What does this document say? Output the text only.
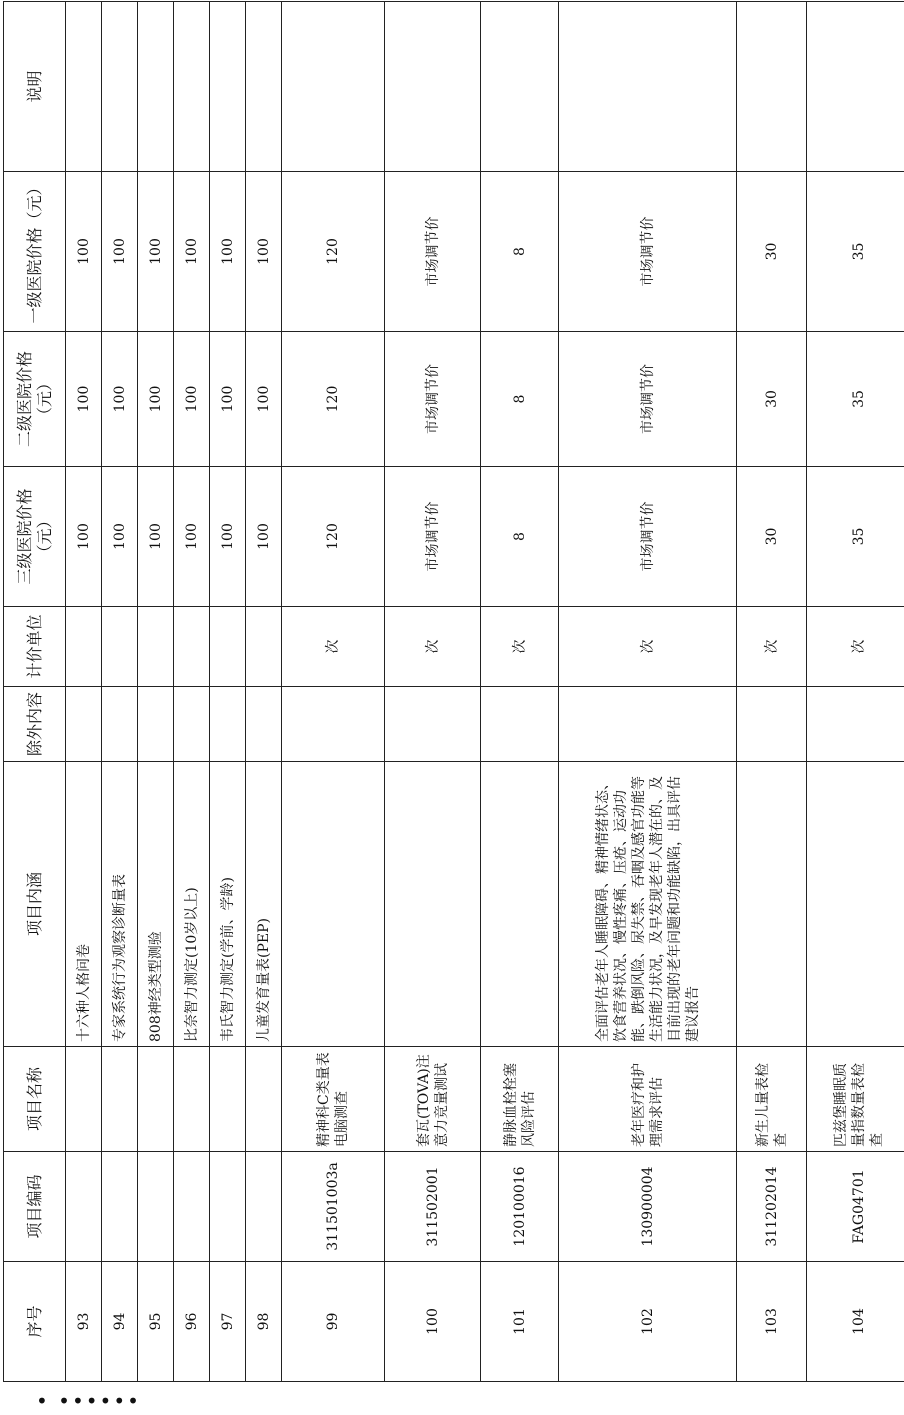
序号	项目编码	项目名称	项目内涵	除外内容	计价单位	三级医院价格（元）	二级医院价格（元）	一级医院价格（元）	说明
93			十六种人格问卷			100	100	100	
94			专家系统行为观察诊断量表			100	100	100	
95			808神经类型测验			100	100	100	
96			比奈智力测定(10岁以上)			100	100	100	
97			韦氏智力测定(学前、学龄)			100	100	100	
98			儿童发育量表(PEP)			100	100	100	
99	311501003a	精神科C类量表电脑测查			次	120	120	120	
100	311502001	套瓦(TOVA)注意力竞量测试			次	市场调节价	市场调节价	市场调节价	
101	120100016	静脉血栓栓塞风险评估			次	8	8	8	
102	130900004	老年医疗和护理需求评估	全面评估老年人睡眠障碍、精神情绪状态、饮食营养状况、慢性疼痛、压疮、运动功能、跌倒风险、尿失禁、吞咽及感官功能等生活能力状况，及早发现老年人潜在的、及目前出现的老年问题和功能缺陷，出具评估建议报告		次	市场调节价	市场调节价	市场调节价	
103	311202014	新生儿量表检查			次	30	30	30	
104	FAG04701	匹兹堡睡眠质量指数量表检查			次	35	35	35	
• ••••••
